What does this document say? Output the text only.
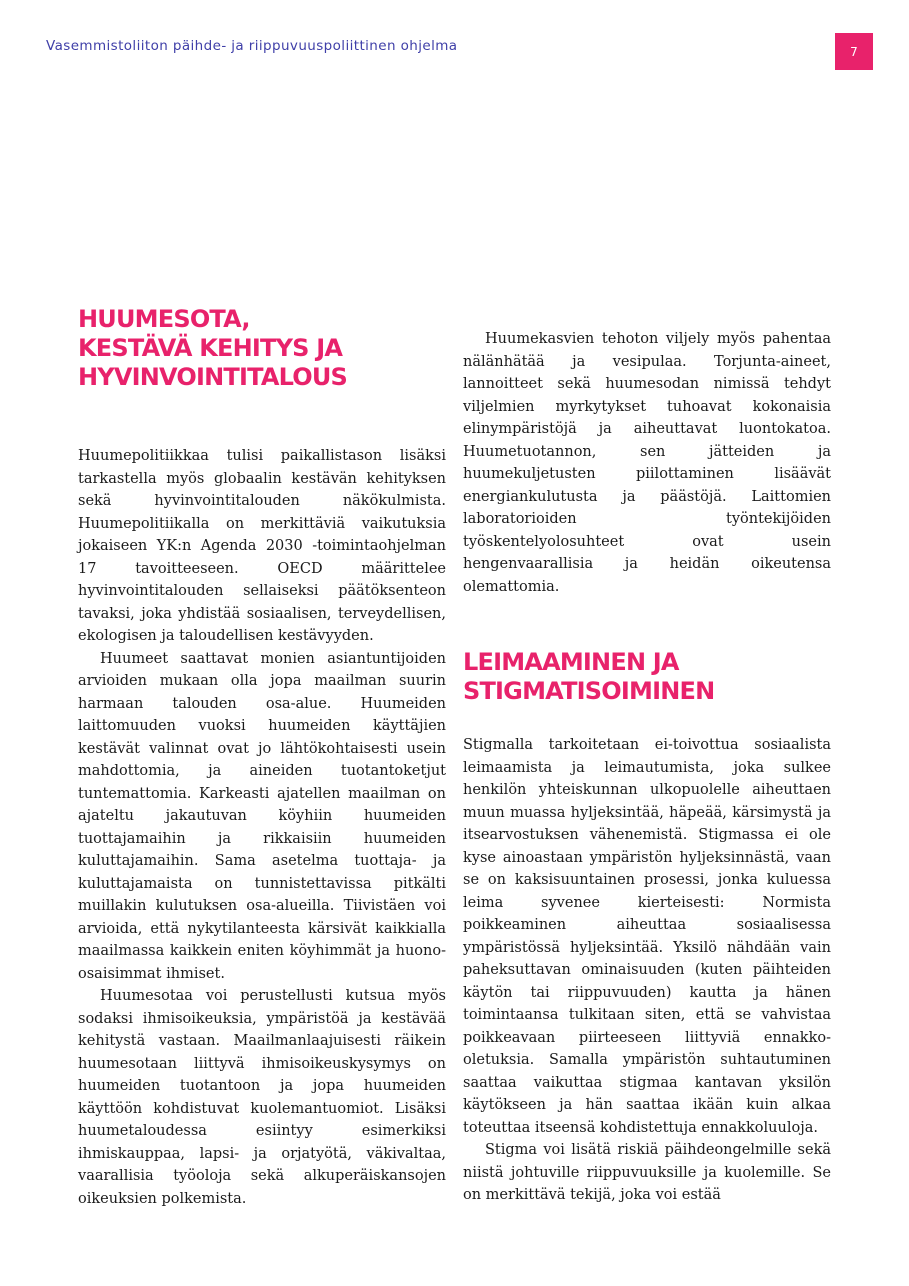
Vasemmistoliiton päihde- ja riippuvuuspoliittinen ohjelma	7
HUUMESOTA,
KESTÄVÄ KEHITYS JA
HYVINVOINTITALOUS

Huumepolitiikkaa tulisi paikallistason lisäksi tarkastella myös globaalin kestävän kehityksen sekä hyvinvointitalouden näkökulmista. Huumepolitiikalla on merkittäviä vaikutuksia jokaiseen YK:n Agenda 2030 -toimintaohjelman 17 tavoitteeseen. OECD määrittelee hyvinvointitalouden sellaiseksi päätöksenteon tavaksi, joka yhdistää sosiaalisen, terveydellisen, ekologisen ja taloudellisen kestävyyden.

Huumeet saattavat monien asiantuntijoiden arvioiden mukaan olla jopa maailman suurin harmaan talouden osa-alue. Huumeiden laittomuuden vuoksi huumeiden käyttäjien kestävät valinnat ovat jo lähtökohtaisesti usein mahdottomia, ja aineiden tuotantoketjut tuntemattomia. Karkeasti ajatellen maailman on ajateltu jakautuvan köyhiin huumeiden tuottajamaihin ja rikkaisiin huumeiden kuluttajamaihin. Sama asetelma tuottaja- ja kuluttajamaista on tunnistettavissa pitkälti muillakin kulutuksen osa-alueilla. Tiivistäen voi arvioida, että nykytilanteesta kärsivät kaikkialla maailmassa kaikkein eniten köyhimmät ja huono-osaisimmat ihmiset.

Huumesotaa voi perustellusti kutsua myös sodaksi ihmisoikeuksia, ympäristöä ja kestävää kehitystä vastaan. Maailmanlaajuisesti räikein huumesotaan liittyvä ihmisoikeuskysymys on huumeiden tuotantoon ja jopa huumeiden käyttöön kohdistuvat kuolemantuomiot. Lisäksi huumetaloudessa esiintyy esimerkiksi ihmiskauppaa, lapsi- ja orjatyötä, väkivaltaa, vaarallisia työoloja sekä alkuperäiskansojen oikeuksien polkemista.

Huumekasvien tehoton viljely myös pahentaa nälänhätää ja vesipulaa. Torjunta-aineet, lannoitteet sekä huumesodan nimissä tehdyt viljelmien myrkytykset tuhoavat kokonaisia elinympäristöjä ja aiheuttavat luontokatoa. Huumetuotannon, sen jätteiden ja huumekuljetusten piilottaminen lisäävät energiankulutusta ja päästöjä. Laittomien laboratorioiden työntekijöiden työskentelyolosuhteet ovat usein hengenvaarallisia ja heidän oikeutensa olemattomia.

LEIMAAMINEN JA
STIGMATISOIMINEN

Stigmalla tarkoitetaan ei-toivottua sosiaalista leimaamista ja leimautumista, joka sulkee henkilön yhteiskunnan ulkopuolelle aiheuttaen muun muassa hyljeksintää, häpeää, kärsimystä ja itsearvostuksen vähenemistä. Stigmassa ei ole kyse ainoastaan ympäristön hyljeksinnästä, vaan se on kaksisuuntainen prosessi, jonka kuluessa leima syvenee kierteisesti: Normista poikkeaminen aiheuttaa sosiaalisessa ympäristössä hyljeksintää. Yksilö nähdään vain paheksuttavan ominaisuuden (kuten päihteiden käytön tai riippuvuuden) kautta ja hänen toimintaansa tulkitaan siten, että se vahvistaa poikkeavaan piirteeseen liittyviä ennakko-oletuksia. Samalla ympäristön suhtautuminen saattaa vaikuttaa stigmaa kantavan yksilön käytökseen ja hän saattaa ikään kuin alkaa toteuttaa itseensä kohdistettuja ennakkoluuloja.

Stigma voi lisätä riskiä päihdeongelmille sekä niistä johtuville riippuvuuksille ja kuolemille. Se on merkittävä tekijä, joka voi estää
